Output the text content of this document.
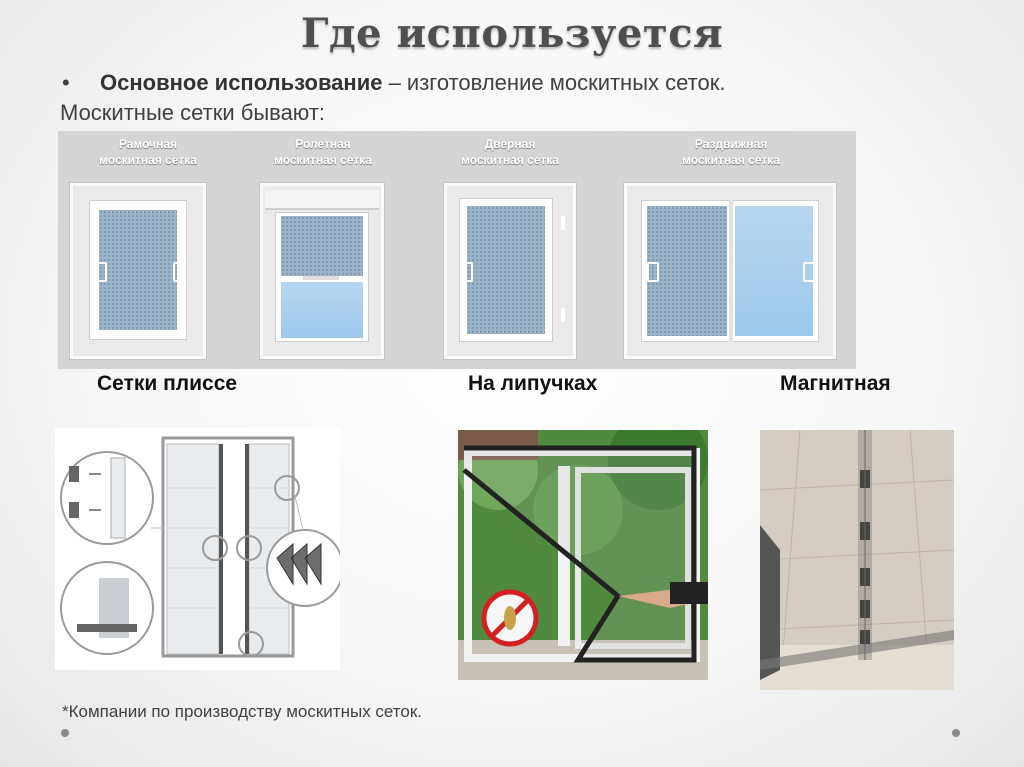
Где используется
• Основное использование – изготовление москитных сеток.
Москитные сетки бывают:
Рамочная
москитная сетка
Ролетная
москитная сетка
Дверная
москитная сетка
Раздвижная
москитная сетка
Сетки плиссе	На липучках	Магнитная
*Компании по производству москитных сеток.
